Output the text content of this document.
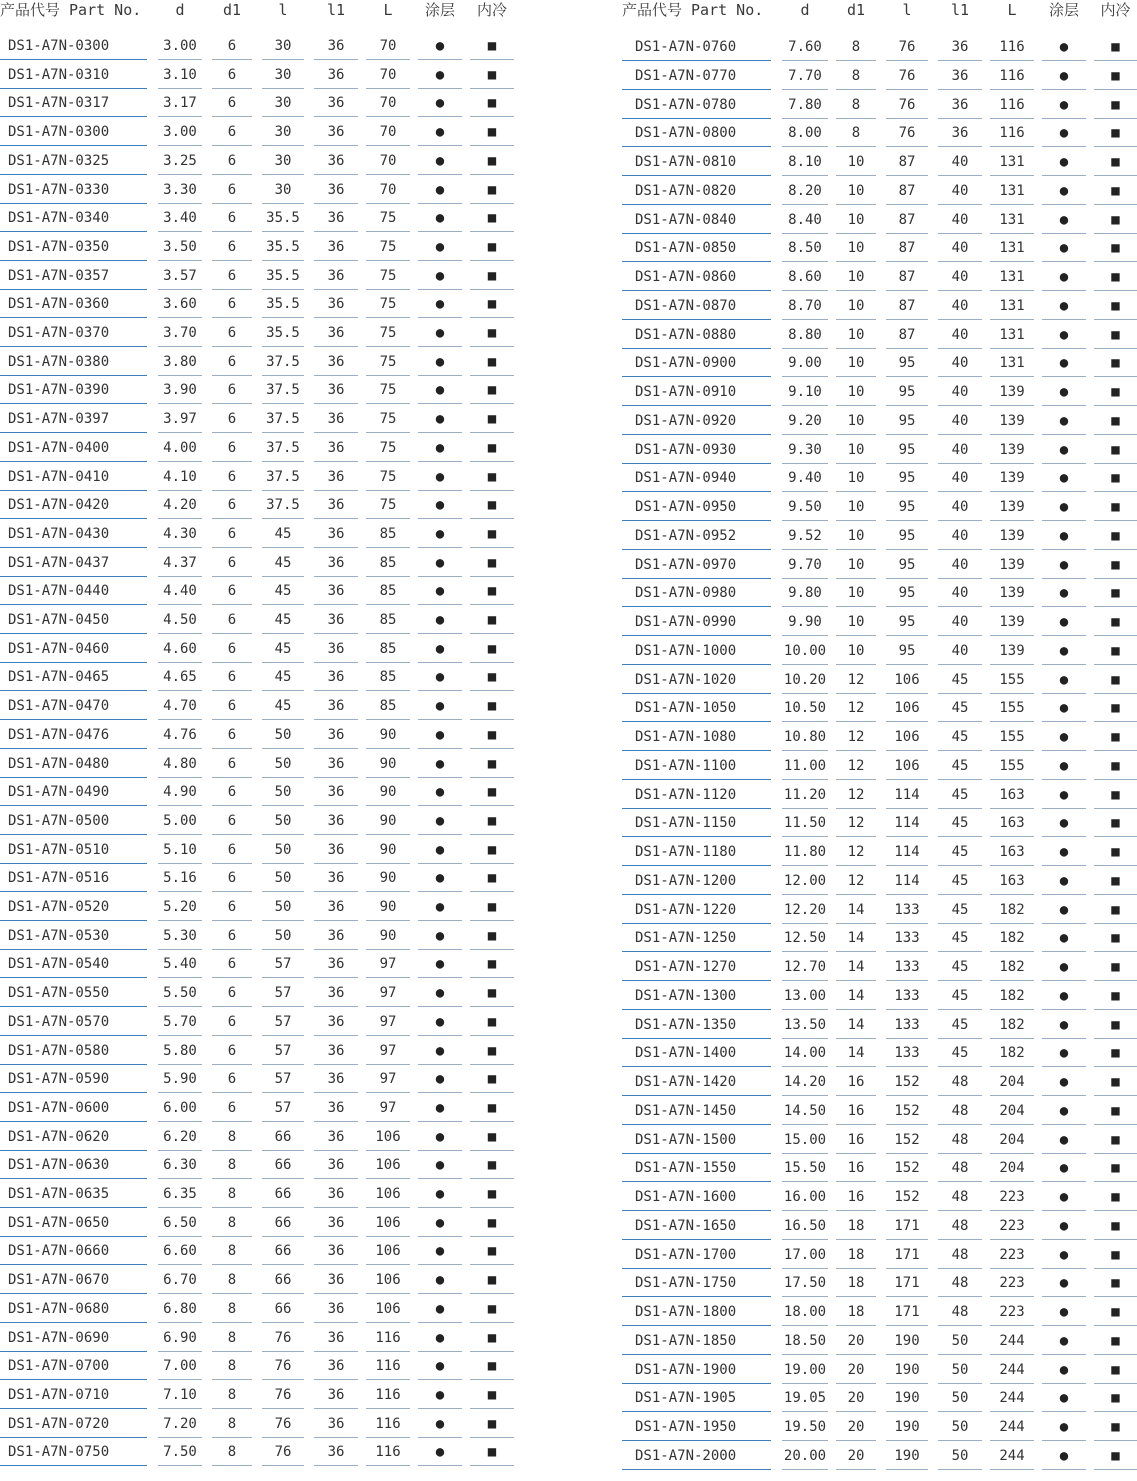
产品代号 Part No.	d	d1	l	l1	L	涂层	内冷
DS1-A7N-0300	3.00	6	30	36	70	●	■
DS1-A7N-0310	3.10	6	30	36	70	●	■
DS1-A7N-0317	3.17	6	30	36	70	●	■
DS1-A7N-0300	3.00	6	30	36	70	●	■
DS1-A7N-0325	3.25	6	30	36	70	●	■
DS1-A7N-0330	3.30	6	30	36	70	●	■
DS1-A7N-0340	3.40	6	35.5	36	75	●	■
DS1-A7N-0350	3.50	6	35.5	36	75	●	■
DS1-A7N-0357	3.57	6	35.5	36	75	●	■
DS1-A7N-0360	3.60	6	35.5	36	75	●	■
DS1-A7N-0370	3.70	6	35.5	36	75	●	■
DS1-A7N-0380	3.80	6	37.5	36	75	●	■
DS1-A7N-0390	3.90	6	37.5	36	75	●	■
DS1-A7N-0397	3.97	6	37.5	36	75	●	■
DS1-A7N-0400	4.00	6	37.5	36	75	●	■
DS1-A7N-0410	4.10	6	37.5	36	75	●	■
DS1-A7N-0420	4.20	6	37.5	36	75	●	■
DS1-A7N-0430	4.30	6	45	36	85	●	■
DS1-A7N-0437	4.37	6	45	36	85	●	■
DS1-A7N-0440	4.40	6	45	36	85	●	■
DS1-A7N-0450	4.50	6	45	36	85	●	■
DS1-A7N-0460	4.60	6	45	36	85	●	■
DS1-A7N-0465	4.65	6	45	36	85	●	■
DS1-A7N-0470	4.70	6	45	36	85	●	■
DS1-A7N-0476	4.76	6	50	36	90	●	■
DS1-A7N-0480	4.80	6	50	36	90	●	■
DS1-A7N-0490	4.90	6	50	36	90	●	■
DS1-A7N-0500	5.00	6	50	36	90	●	■
DS1-A7N-0510	5.10	6	50	36	90	●	■
DS1-A7N-0516	5.16	6	50	36	90	●	■
DS1-A7N-0520	5.20	6	50	36	90	●	■
DS1-A7N-0530	5.30	6	50	36	90	●	■
DS1-A7N-0540	5.40	6	57	36	97	●	■
DS1-A7N-0550	5.50	6	57	36	97	●	■
DS1-A7N-0570	5.70	6	57	36	97	●	■
DS1-A7N-0580	5.80	6	57	36	97	●	■
DS1-A7N-0590	5.90	6	57	36	97	●	■
DS1-A7N-0600	6.00	6	57	36	97	●	■
DS1-A7N-0620	6.20	8	66	36	106	●	■
DS1-A7N-0630	6.30	8	66	36	106	●	■
DS1-A7N-0635	6.35	8	66	36	106	●	■
DS1-A7N-0650	6.50	8	66	36	106	●	■
DS1-A7N-0660	6.60	8	66	36	106	●	■
DS1-A7N-0670	6.70	8	66	36	106	●	■
DS1-A7N-0680	6.80	8	66	36	106	●	■
DS1-A7N-0690	6.90	8	76	36	116	●	■
DS1-A7N-0700	7.00	8	76	36	116	●	■
DS1-A7N-0710	7.10	8	76	36	116	●	■
DS1-A7N-0720	7.20	8	76	36	116	●	■
DS1-A7N-0750	7.50	8	76	36	116	●	■
产品代号 Part No.	d	d1	l	l1	L	涂层	内冷
DS1-A7N-0760	7.60	8	76	36	116	●	■
DS1-A7N-0770	7.70	8	76	36	116	●	■
DS1-A7N-0780	7.80	8	76	36	116	●	■
DS1-A7N-0800	8.00	8	76	36	116	●	■
DS1-A7N-0810	8.10	10	87	40	131	●	■
DS1-A7N-0820	8.20	10	87	40	131	●	■
DS1-A7N-0840	8.40	10	87	40	131	●	■
DS1-A7N-0850	8.50	10	87	40	131	●	■
DS1-A7N-0860	8.60	10	87	40	131	●	■
DS1-A7N-0870	8.70	10	87	40	131	●	■
DS1-A7N-0880	8.80	10	87	40	131	●	■
DS1-A7N-0900	9.00	10	95	40	131	●	■
DS1-A7N-0910	9.10	10	95	40	139	●	■
DS1-A7N-0920	9.20	10	95	40	139	●	■
DS1-A7N-0930	9.30	10	95	40	139	●	■
DS1-A7N-0940	9.40	10	95	40	139	●	■
DS1-A7N-0950	9.50	10	95	40	139	●	■
DS1-A7N-0952	9.52	10	95	40	139	●	■
DS1-A7N-0970	9.70	10	95	40	139	●	■
DS1-A7N-0980	9.80	10	95	40	139	●	■
DS1-A7N-0990	9.90	10	95	40	139	●	■
DS1-A7N-1000	10.00	10	95	40	139	●	■
DS1-A7N-1020	10.20	12	106	45	155	●	■
DS1-A7N-1050	10.50	12	106	45	155	●	■
DS1-A7N-1080	10.80	12	106	45	155	●	■
DS1-A7N-1100	11.00	12	106	45	155	●	■
DS1-A7N-1120	11.20	12	114	45	163	●	■
DS1-A7N-1150	11.50	12	114	45	163	●	■
DS1-A7N-1180	11.80	12	114	45	163	●	■
DS1-A7N-1200	12.00	12	114	45	163	●	■
DS1-A7N-1220	12.20	14	133	45	182	●	■
DS1-A7N-1250	12.50	14	133	45	182	●	■
DS1-A7N-1270	12.70	14	133	45	182	●	■
DS1-A7N-1300	13.00	14	133	45	182	●	■
DS1-A7N-1350	13.50	14	133	45	182	●	■
DS1-A7N-1400	14.00	14	133	45	182	●	■
DS1-A7N-1420	14.20	16	152	48	204	●	■
DS1-A7N-1450	14.50	16	152	48	204	●	■
DS1-A7N-1500	15.00	16	152	48	204	●	■
DS1-A7N-1550	15.50	16	152	48	204	●	■
DS1-A7N-1600	16.00	16	152	48	223	●	■
DS1-A7N-1650	16.50	18	171	48	223	●	■
DS1-A7N-1700	17.00	18	171	48	223	●	■
DS1-A7N-1750	17.50	18	171	48	223	●	■
DS1-A7N-1800	18.00	18	171	48	223	●	■
DS1-A7N-1850	18.50	20	190	50	244	●	■
DS1-A7N-1900	19.00	20	190	50	244	●	■
DS1-A7N-1905	19.05	20	190	50	244	●	■
DS1-A7N-1950	19.50	20	190	50	244	●	■
DS1-A7N-2000	20.00	20	190	50	244	●	■
